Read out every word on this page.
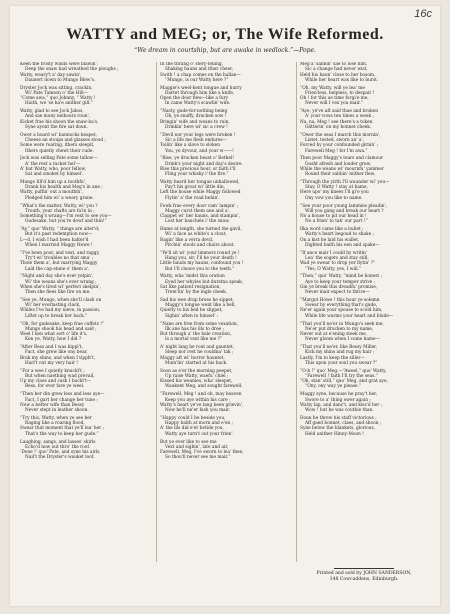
16c
WATTY and MEG; or, The Wife Reformed.
“We dream in courtship, but are awake in wedlock.”—Pope.
Keen the frosty winds were blawin',
Deep the snaw had wreathed the ploughs ;
Watty, weary't a' day sawin',
Daunert down to Mungo Blew's.
Dryster Jock was sitting, crackin,
Wi' Pate Tamson o' the Hill—
“Come awa,” quo Johnny, “ Watty !
Haith, we 'se ha'e anither gill.”
Watty, glad to see Jock Jabos,
And sae mony neibours roun',
Kicket frae his shoon the snaw-ba's,
Syne ayont the fire sat doun.
Ower a board wi' bannocks heapet,
Cheese an stoups and glasses stood ;
Some were roaring, ithers sleepit,
Ithers quietly chewt their cude.
Jock was selling Pate some tallow—
A' the rest a racket hel'—
A' but Watty, who, poor fellow,
Sat and smoket by himsel'.
Mungo fill'd him up a toothfu',
Drank his health and Meg's in ane ;
Watty, puffin' out a mouthfu',
Pledged him wi' a weary grane.
“What's the matter, Watty, wi' you ?
Trouth, your chafts are fa'in in ;
Something's wrang—I'm vext to see you—
Gudesake, but you're dowf and thin!”
“Ay,” quo' Watty, “ things are alter'd;
But it's past redemption now—
L—d, I wish I had been halter'd
When I married Maggy Howe !
“I've been poor, and vext, and raggy,
Try't wi' troubles no that sma' ;
Thole them a', but marrying Maggy
Laid the cap-stane o' them a'.
“Night and day she's ever yelpin',
Wi' the weans she's ever wrang ;
When she's tired wi' perfect skelpin',
Then she flees like fire on me.
“See ye, Mungo, when she'll clash on
Wi' her everlasting clack,
Whiles I've had my nieve, in passion,
Liftet up to break her back.”
“Oh, for gudesake, keep frae cuffets !”
Mungo shook his head and said ;
Weel I ken what sort o' life it's,
Ken ye, Watty, how I did ?
“After Bess and I was kippl't,
Fact, she grew like ony bear,
Brak my shins, and when I tipplt't,
Harl't out my very hair !
“For a wee I quietly knuckl't ;
But when naething wad prevail,
Up my claes and cash I buckl't—
Bess, for ever fare ye weel.
“Then her din grew less and less aye—
Fact, I gart her change her tune ;
Now a better wife than Bessy
Never stept in leather shoon.
“Try this, Watty, when ye see her
Raging like a roaring flood,
Swear that moment that ye'll lea' her ;
That's the way to keep her gude.”
Laughing, sangs, and lasses' skirls
Echo'd now out thro' the roof.
‘Done !’ quo' Pate, and syne his airls
Nail't the Dryster's wauket loof.
In the thrang o' stery-telling,
Shaking hauns and ither cheer,
Swith ! a chap comes on the hallan—
“Mungo, is our Watty here ?”
Maggie's weel-kent tongue and hurry
Dartet through him like a knife,
Open the door flew—like a fury
In came Watty's scawlin' wife.
“Nasty, gude-for-nothing being
Oh, ye snuffy, drucken sow !
Bringin' wife and weans to ruin,
Drinkin' here wi' sic a crew !
“Devil nor your legs were broken !
Sic a life me flesh endures—
Toilin' like a slave to sloken
You, ye dyvour, and your w——!
“Rise, ye drucken beast o' Bethel!
Drink's your night and day's desire.
Rise this precious hour, or faith I'll
Fling your whisky i' the fire.”
Watty heard her tongue unhallowed,
Pay't his groat wi' little din,
Left the house while Maggy followed
Flytin' a' the road behin'.
Fowk frae every door cam' lampin' ;
Maggy curst them ane and a',
Clappet wi' her hauns, and stampin',
Lost her bauchels i' the snaw.
Hame at length, she turned the gavil,
Wi' a face as white's a clout,
Ragin' like a verra devil,
Pitchin' stools and chairs about.
“Ye'll sit wi' your limmers round ye !
Hang you, sir, I'll be your death !
Little hauds my hauns, confound you !
But I'll cleave you to the teeth.”
Watty, wha 'midst this oration
Eyed her whyles but durstna speak,
Sat like patient resignation,
Trem'lin' by the ingle cheek.
Sad his wee drap brose he sippet,
Maggy's tongue went like a bell,
Quietly to his bed he slippet,
Sighin' aften to himsel' :
“Nane are free from some vexation,
Ilk ane has his ills to dree ;
But through a' the hale creation,
Is a mortal vext like me ?”
A' night lang he rout and gauntet,
Sleep nor rest he couldna' tak ;
Maggy aft wi' horror hauntet,
Mum'lin' started at his back.
Soon as e'er the morning peepet,
Up raise Watty, waefu' chiel ;
Kissed his weanies, wha' sleepet,
Waukent Meg, and sought farewell.
“Farewell, Meg ! and oh, may heaven
Keep you aye within his care ;
Watty's heart ye've lang been grievin',
Now he'll ne'er fash you mair.
“Happy could I be beside you,
Happy baith at morn and e'en ;
A' the ills did e'er betide you,
Watty aye turn't out your frien'.
But ye ever like to see me
Vext and sighin', late and air,
Farewell, Meg, I've sworn to lea' thee,
So thou'll never see me mair.”
Meg a' sabbin' sae to lose him,
Sic a change had never wist,
Held his haun' close to her bosom,
While her heart was like to burst.
“Oh, my Watty, will ye lea' me
Frien'less, helpless, to despair !
Oh ! for this ae time forgi'e me,
Never will I vex you mair.”
“Aye, ye've aft said thae and broken
A' your vows ten times a week ;
Na, na, Meg ! see there's a token
Glitterin' on my bonnet cheek.
“Ower the seas I march this mornin',
Listet, tested, sworn an' a',
Forced by your confounded girnin' ;
Farewell Meg ! for I'm awa.”
Then poor Maggy's tears and clamour
Gusht afresh and louder grew,
While the weans wi' mournfu' yammer
Round their sabbin' mither flew.
“Through the yirth I'll waunder wi' you—
Stay, O Watty ! stay at hame,
Here upo' my knees I'll gi'e you
Ony vow you like to name.
“See your poor young lammies pleadin',
Will you gang and break our heart ?
No a house to pit our head in !
No a frien' to tak' our part !”
Ilka word came like a bullet ;
Watty's heart begoud to shake ;
On a kist he laid his wallet,
Dighted baith his een and spake—
“If ance mair I could by writin'
Lea' the sogers and stay still,
Wad ye swear to drop yer flytin' ?”
“Yes, O Watty, yes, I will.”
“Then,” quo' Watty, “mind be honest ;
Aye to keep your temper strive ;
Gin ye break this dreadfu' promise,
Never mair expect to thrive—
“Margot Howe ! this hour ye solemn
Swear by everything that's gude,
Ne'er again your spouse to scold him,
While life warms your heart and blude—
“That you'll ne'er in Mungo's seek me,
Ne'er put drucken to my name,
Never out at e'ening steek me,
Never gloom when I come hame—
“That you'll ne'er, like Bessy Miller,
Kick my shins and rug my hair ;
Lastly, I'm to keep the siller—
This upon your soul you swear ?”
“O-h !” quo' Meg.—“Aweel,” quo' Watty,
“Farewell ! faith I'll try the seas.”
“Oh, stan' still,” quo' Meg, and grat aye,
“Ony, ony way ye please.”
Maggy syne, because he pray't her,
Swore to a' thing ower again ;
Watty lap, and danc't, and kiss'd her ;
Wow ! but he was couthie than.
Doun he threw his staff victorious ;
Aff gaed bonnet, claes, and shoon ;
Syne below the blankets, glorious,
Held anither Hinny-Moon !
Printed and sold by JOHN SANDERSON,
148 Cowcaddens, Edinburgh.
